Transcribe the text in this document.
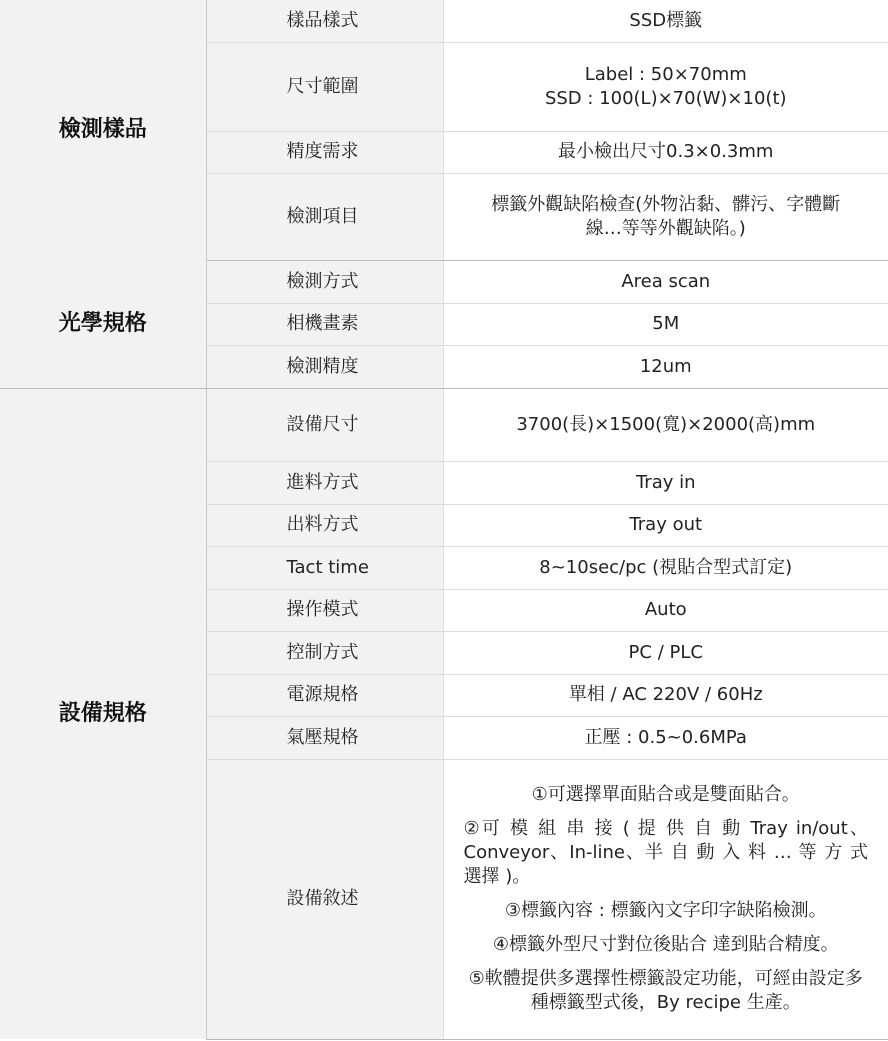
檢測樣品	樣品樣式	SSD標籤

	尺寸範圍	Label : 50×70mm
SSD : 100(L)×70(W)×10(t)

	精度需求	最小檢出尺寸0.3×0.3mm

	檢測項目	標籤外觀缺陷檢查(外物沾黏、髒污、字體斷
線…等等外觀缺陷。)

光學規格	檢測方式	Area scan

	相機畫素	5M

	檢測精度	12um

設備規格	設備尺寸	3700(長)×1500(寬)×2000(高)mm

	進料方式	Tray in

	出料方式	Tray out

	Tact time	8~10sec/pc (視貼合型式訂定)

	操作模式	Auto

	控制方式	PC / PLC

	電源規格	單相 / AC 220V / 60Hz

	氣壓規格	正壓 : 0.5~0.6MPa

	設備敘述	①可選擇單面貼合或是雙面貼合。

②可 模 組 串 接 ( 提 供 自 動 Tray in/out、Conveyor、In-line、半 自 動 入 料 … 等 方 式 選擇 )。

③標籤內容 : 標籤內文字印字缺陷檢測。

④標籤外型尺寸對位後貼合 達到貼合精度。

⑤軟體提供多選擇性標籤設定功能，可經由設定多種標籤型式後，By recipe 生產。
